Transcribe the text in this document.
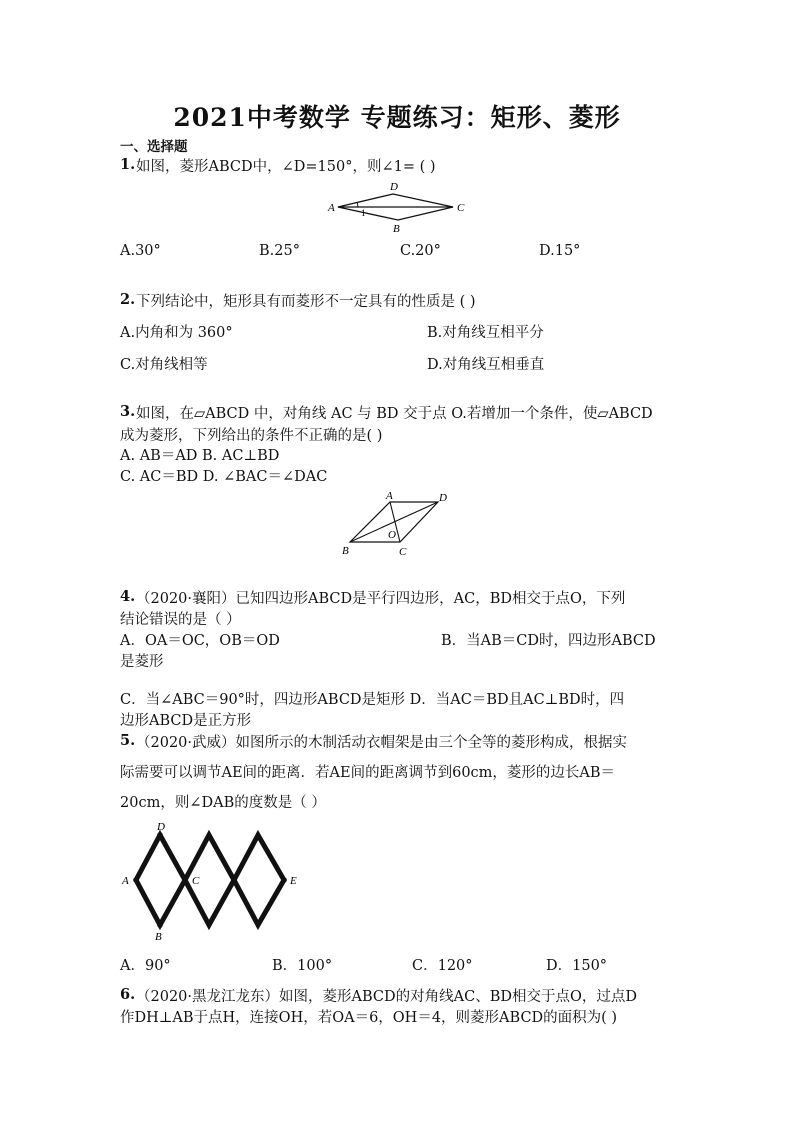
2021中考数学 专题练习：矩形、菱形
一、选择题
1. 如图，菱形ABCD中，∠D=150°，则∠1= ( )
A
D
C
B
1
A.30°	B.25°	C.20°	D.15°
2. 下列结论中，矩形具有而菱形不一定具有的性质是 ( )
A.内角和为 360°	B.对角线互相平分
C.对角线相等	D.对角线互相垂直
3. 如图，在▱ABCD 中，对角线 AC 与 BD 交于点 O.若增加一个条件，使▱ABCD
成为菱形，下列给出的条件不正确的是( )
A. AB＝AD B. AC⊥BD
C. AC＝BD D. ∠BAC＝∠DAC
A	D
B	C
O
4. （2020·襄阳）已知四边形ABCD是平行四边形，AC，BD相交于点O，下列
结论错误的是（ ）
A．OA＝OC，OB＝OD	B．当AB＝CD时，四边形ABCD
是菱形
C．当∠ABC＝90°时，四边形ABCD是矩形 D．当AC＝BD且AC⊥BD时，四
边形ABCD是正方形
5. （2020·武威）如图所示的木制活动衣帽架是由三个全等的菱形构成，根据实
际需要可以调节AE间的距离．若AE间的距离调节到60cm，菱形的边长AB＝
20cm，则∠DAB的度数是（ ）
A
D
B
C	E
A．90°	B．100°	C．120°	D．150°
6. （2020·黑龙江龙东）如图，菱形ABCD的对角线AC、BD相交于点O，过点D
作DH⊥AB于点H，连接OH，若OA＝6，OH＝4，则菱形ABCD的面积为( )
